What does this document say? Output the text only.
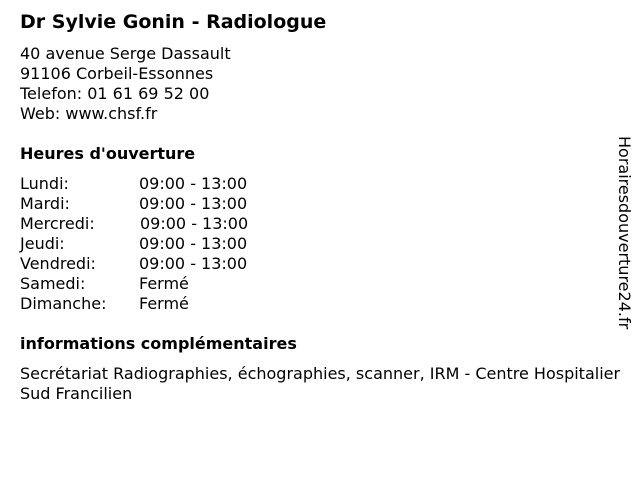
Dr Sylvie Gonin - Radiologue
40 avenue Serge Dassault
91106 Corbeil-Essonnes
Telefon: 01 61 69 52 00
Web: www.chsf.fr
Heures d'ouverture
Lundi:	09:00 - 13:00
Mardi:	09:00 - 13:00
Mercredi:	09:00 - 13:00
Jeudi:	09:00 - 13:00
Vendredi:	09:00 - 13:00
Samedi:	Fermé
Dimanche: Fermé
informations complémentaires
Secrétariat Radiographies, échographies, scanner, IRM - Centre Hospitalier Sud Francilien
Horairesdouverture24.fr
